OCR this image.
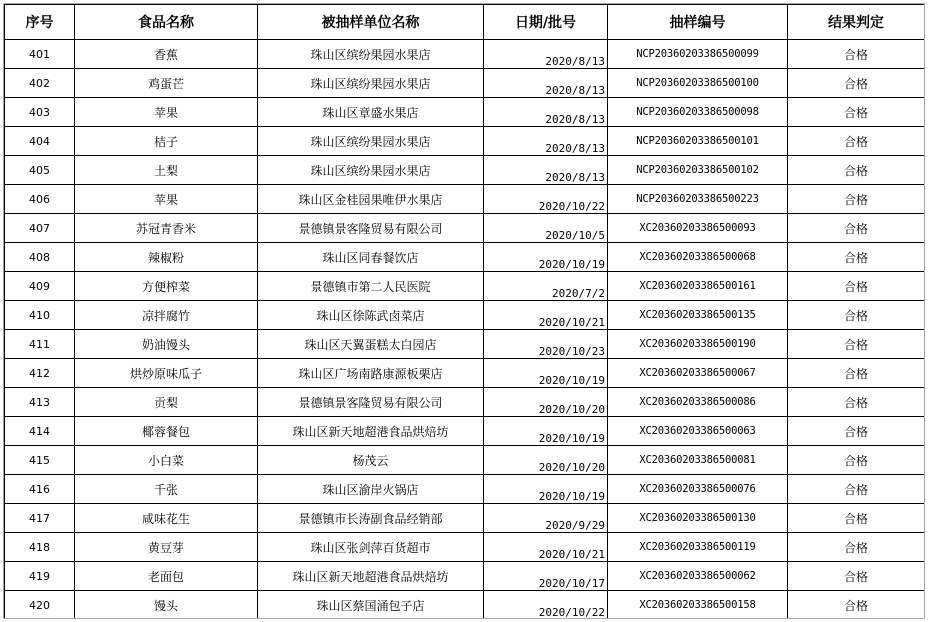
序号	食品名称	被抽样单位名称	日期/批号	抽样编号	结果判定
401	香蕉	珠山区缤纷果园水果店	2020/8/13	NCP20360203386500099	合格
402	鸡蛋芒	珠山区缤纷果园水果店	2020/8/13	NCP20360203386500100	合格
403	苹果	珠山区章盛水果店	2020/8/13	NCP20360203386500098	合格
404	桔子	珠山区缤纷果园水果店	2020/8/13	NCP20360203386500101	合格
405	土梨	珠山区缤纷果园水果店	2020/8/13	NCP20360203386500102	合格
406	苹果	珠山区金桂园果唯伊水果店	2020/10/22	NCP20360203386500223	合格
407	苏冠青香米	景德镇景客隆贸易有限公司	2020/10/5	XC20360203386500093	合格
408	辣椒粉	珠山区同春餐饮店	2020/10/19	XC20360203386500068	合格
409	方便榨菜	景德镇市第二人民医院	2020/7/2	XC20360203386500161	合格
410	凉拌腐竹	珠山区徐陈武卤菜店	2020/10/21	XC20360203386500135	合格
411	奶油馒头	珠山区天翼蛋糕太白园店	2020/10/23	XC20360203386500190	合格
412	烘炒原味瓜子	珠山区广场南路康源板栗店	2020/10/19	XC20360203386500067	合格
413	贡梨	景德镇景客隆贸易有限公司	2020/10/20	XC20360203386500086	合格
414	椰蓉餐包	珠山区新天地超港食品烘焙坊	2020/10/19	XC20360203386500063	合格
415	小白菜	杨茂云	2020/10/20	XC20360203386500081	合格
416	千张	珠山区渝岸火锅店	2020/10/19	XC20360203386500076	合格
417	咸味花生	景德镇市长涛副食品经销部	2020/9/29	XC20360203386500130	合格
418	黄豆芽	珠山区张剑萍百货超市	2020/10/21	XC20360203386500119	合格
419	老面包	珠山区新天地超港食品烘焙坊	2020/10/17	XC20360203386500062	合格
420	馒头	珠山区蔡国涌包子店	2020/10/22	XC20360203386500158	合格
